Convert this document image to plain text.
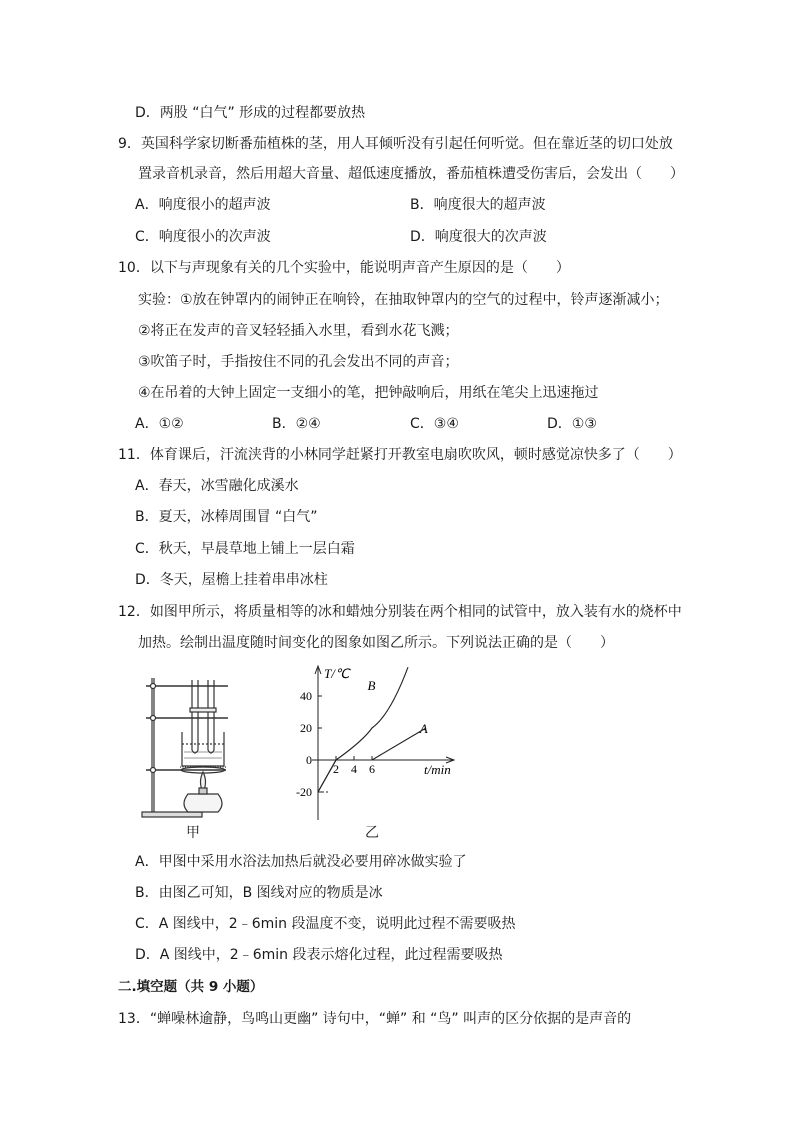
D．两股 “白气” 形成的过程都要放热
9．英国科学家切断番茄植株的茎，用人耳倾听没有引起任何听觉。但在靠近茎的切口处放
置录音机录音，然后用超大音量、超低速度播放，番茄植株遭受伤害后，会发出（　　）
A．响度很小的超声波	B．响度很大的超声波
C．响度很小的次声波	D．响度很大的次声波
10．以下与声现象有关的几个实验中，能说明声音产生原因的是（　　）
实验：①放在钟罩内的闹钟正在响铃，在抽取钟罩内的空气的过程中，铃声逐渐减小；
②将正在发声的音叉轻轻插入水里，看到水花飞溅；
③吹笛子时，手指按住不同的孔会发出不同的声音；
④在吊着的大钟上固定一支细小的笔，把钟敲响后，用纸在笔尖上迅速拖过
A．①②	B．②④	C．③④	D．①③
11．体育课后，汗流浃背的小林同学赶紧打开教室电扇吹吹风，顿时感觉凉快多了（　　）
A．春天，冰雪融化成溪水
B．夏天，冰棒周围冒 “白气”
C．秋天，早晨草地上铺上一层白霜
D．冬天，屋檐上挂着串串冰柱
12．如图甲所示，将质量相等的冰和蜡烛分别装在两个相同的试管中，放入装有水的烧杯中
加热。绘制出温度随时间变化的图象如图乙所示。下列说法正确的是（　　）
甲
40
20
0
-20
2 4 6
A
B
T/℃
t/min
乙
A．甲图中采用水浴法加热后就没必要用碎冰做实验了
B．由图乙可知，B 图线对应的物质是冰
C．A 图线中，2﹣6min 段温度不变，说明此过程不需要吸热
D．A 图线中，2﹣6min 段表示熔化过程，此过程需要吸热
二.填空题（共 9 小题）
13．“蝉噪林逾静，鸟鸣山更幽” 诗句中，“蝉” 和 “鸟” 叫声的区分依据的是声音的
